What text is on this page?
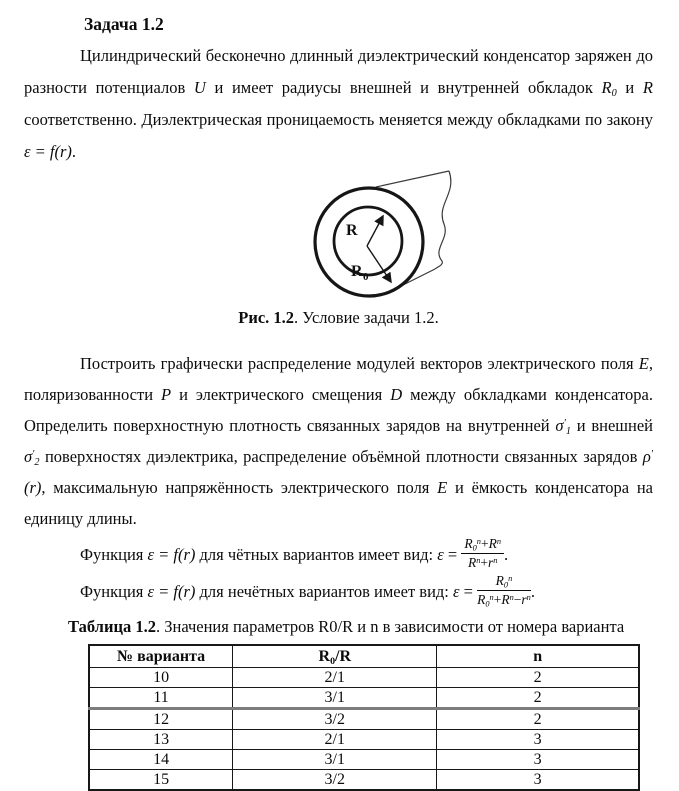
Задача 1.2

Цилиндрический бесконечно длинный диэлектрический конденсатор заряжен до разности потенциалов U и имеет радиусы внешней и внутренней обкладок $R_0$ и R соответственно. Диэлектрическая проницаемость меняется между обкладками по закону ε = f(r).

R
R 0
Рис. 1.2. Условие задачи 1.2.

Построить графически распределение модулей векторов электрического поля E, поляризованности P и электрического смещения D между обкладками конденсатора. Определить поверхностную плотность связанных зарядов на внутренней $\sigma'_1$ и внешней $\sigma'_2$ поверхностях диэлектрика, распределение объёмной плотности связанных зарядов ρ′(r), максимальную напряжённость электрического поля E и ёмкость конденсатора на единицу длины.

Функция ε = f(r) для чётных вариантов имеет вид: $\varepsilon = \frac{R_0^n+R^n}{R^n+r^n}$ .
Функция ε = f(r) для нечётных вариантов имеет вид: $\varepsilon = \frac{R_0^n}{R_0^n+R^n-r^n}$ .
Таблица 1.2. Значения параметров R0/R и n в зависимости от номера варианта
№ варианта	$R_0/R$	n
10	2/1	2
11	3/1	2
12	3/2	2
13	2/1	3
14	3/1	3
15	3/2	3
